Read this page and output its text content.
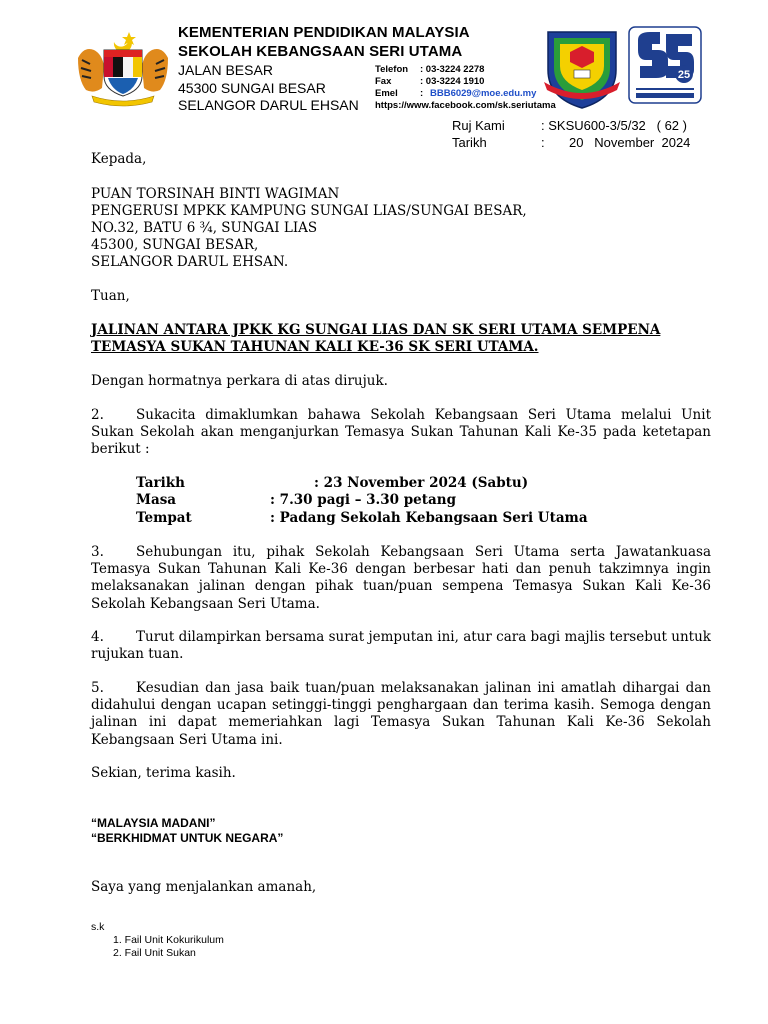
25
KEMENTERIAN PENDIDIKAN MALAYSIA
SEKOLAH KEBANGSAAN SERI UTAMA
JALAN BESAR
45300 SUNGAI BESAR
SELANGOR DARUL EHSAN
Telefon : 03-3224 2278
Fax	: 03-3224 1910
Emel : BBB6029@moe.edu.my
https://www.facebook.com/sk.seriutama
Ruj Kami	: SKSU600-3/5/32   ( 62 )
Tarikh	: 20   November  2024
Kepada,
PUAN TORSINAH BINTI WAGIMAN
PENGERUSI MPKK KAMPUNG SUNGAI LIAS/SUNGAI BESAR,
NO.32, BATU 6 ¾, SUNGAI LIAS
45300, SUNGAI BESAR,
SELANGOR DARUL EHSAN.
Tuan,
JALINAN ANTARA JPKK KG SUNGAI LIAS DAN SK SERI UTAMA SEMPENA TEMASYA SUKAN TAHUNAN KALI KE-36 SK SERI UTAMA.
Dengan hormatnya perkara di atas dirujuk.
2. Sukacita dimaklumkan bahawa Sekolah Kebangsaan Seri Utama melalui Unit Sukan Sekolah akan menganjurkan Temasya Sukan Tahunan Kali Ke-35 pada ketetapan berikut :
Tarikh	: 23 November 2024 (Sabtu)
Masa	: 7.30 pagi – 3.30 petang
Tempat	: Padang Sekolah Kebangsaan Seri Utama
3. Sehubungan itu, pihak Sekolah Kebangsaan Seri Utama serta Jawatankuasa Temasya Sukan Tahunan Kali Ke-36 dengan berbesar hati dan penuh takzimnya ingin melaksanakan jalinan dengan pihak tuan/puan sempena Temasya Sukan Kali Ke-36 Sekolah Kebangsaan Seri Utama.
4. Turut dilampirkan bersama surat jemputan ini, atur cara bagi majlis tersebut untuk rujukan tuan.
5. Kesudian dan jasa baik tuan/puan melaksanakan jalinan ini amatlah dihargai dan didahului dengan ucapan setinggi-tinggi penghargaan dan terima kasih. Semoga dengan jalinan ini dapat memeriahkan lagi Temasya Sukan Tahunan Kali Ke-36 Sekolah Kebangsaan Seri Utama ini.
Sekian, terima kasih.
“MALAYSIA MADANI”
“BERKHIDMAT UNTUK NEGARA”
Saya yang menjalankan amanah,
s.k
1. Fail Unit Kokurikulum
2. Fail Unit Sukan
